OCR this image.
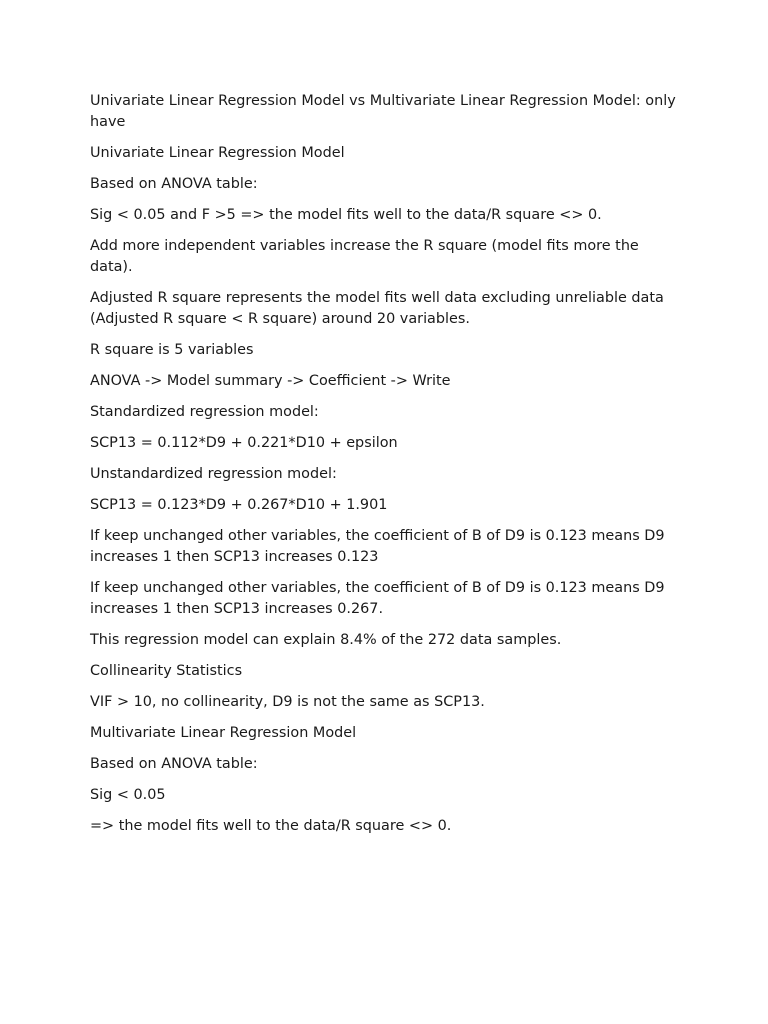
Univariate Linear Regression Model vs Multivariate Linear Regression Model: only have

Univariate Linear Regression Model

Based on ANOVA table:

Sig < 0.05 and F >5 => the model fits well to the data/R square <> 0.

Add more independent variables increase the R square (model fits more the data).

Adjusted R square represents the model fits well data excluding unreliable data (Adjusted R square < R square) around 20 variables.

R square is 5 variables

ANOVA -> Model summary -> Coefficient -> Write

Standardized regression model:

SCP13 = 0.112*D9 + 0.221*D10 + epsilon

Unstandardized regression model:

SCP13 = 0.123*D9 + 0.267*D10 + 1.901

If keep unchanged other variables, the coefficient of B of D9 is 0.123 means D9 increases 1 then SCP13 increases 0.123

If keep unchanged other variables, the coefficient of B of D9 is 0.123 means D9 increases 1 then SCP13 increases 0.267.

This regression model can explain 8.4% of the 272 data samples.

Collinearity Statistics

VIF > 10, no collinearity, D9 is not the same as SCP13.

Multivariate Linear Regression Model

Based on ANOVA table:

Sig < 0.05

=> the model fits well to the data/R square <> 0.
